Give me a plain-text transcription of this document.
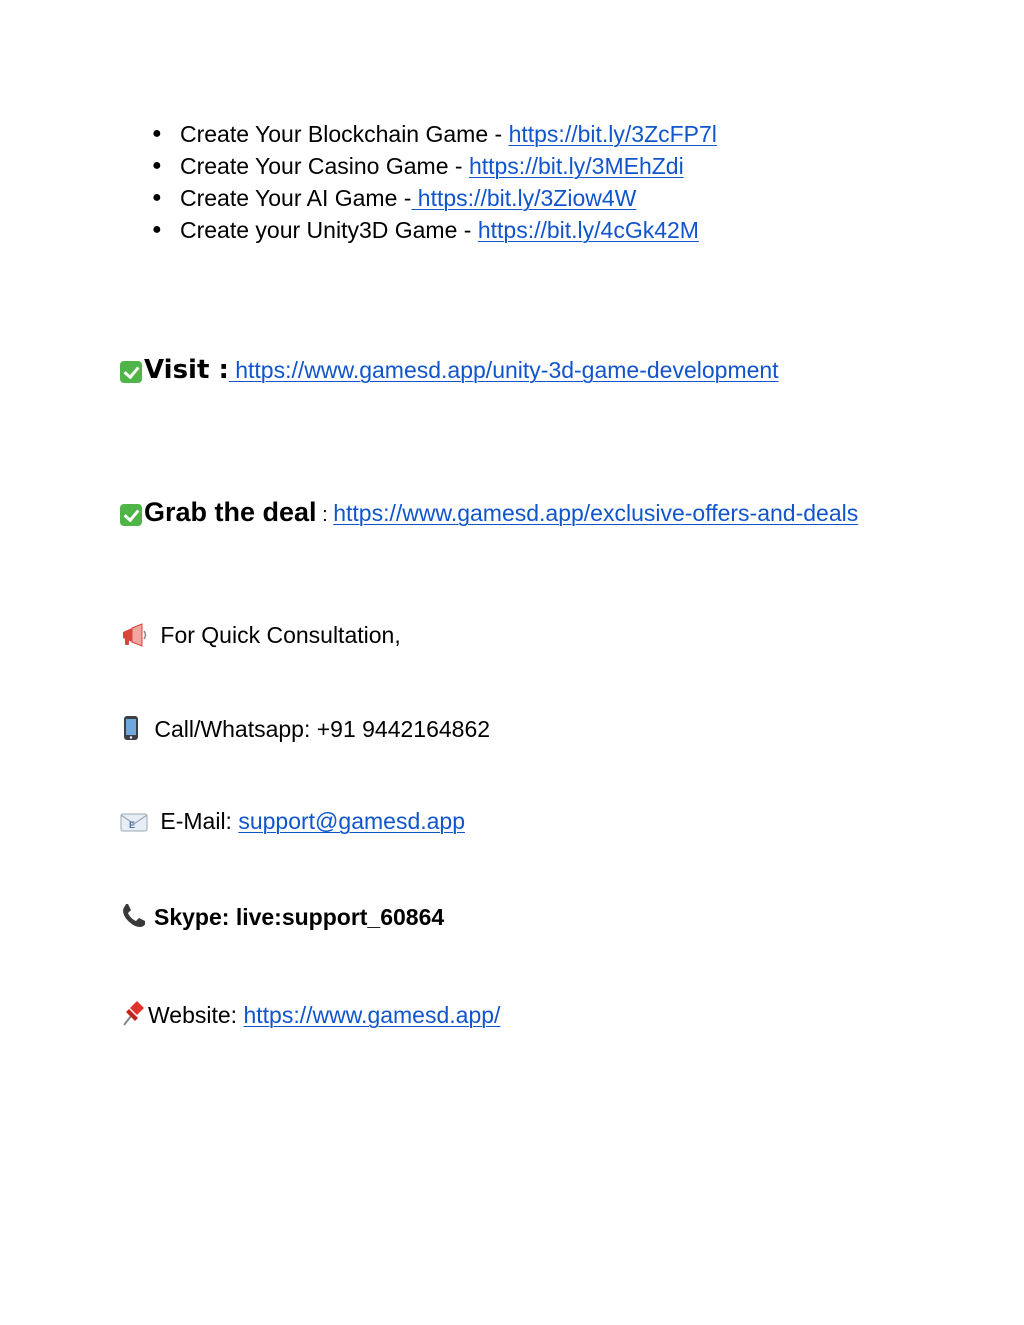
● Create Your Blockchain Game - https://bit.ly/3ZcFP7l
● Create Your Casino Game - https://bit.ly/3MEhZdi
● Create Your AI Game - https://bit.ly/3Ziow4W
● Create your Unity3D Game - https://bit.ly/4cGk42M
Visit : https://www.gamesd.app/unity-3d-game-development
Grab the deal : https://www.gamesd.app/exclusive-offers-and-deals
For Quick Consultation,
Call/Whatsapp: +91 9442164862
E E-Mail: support@gamesd.app
Skype: live:support_60864
Website: https://www.gamesd.app/
